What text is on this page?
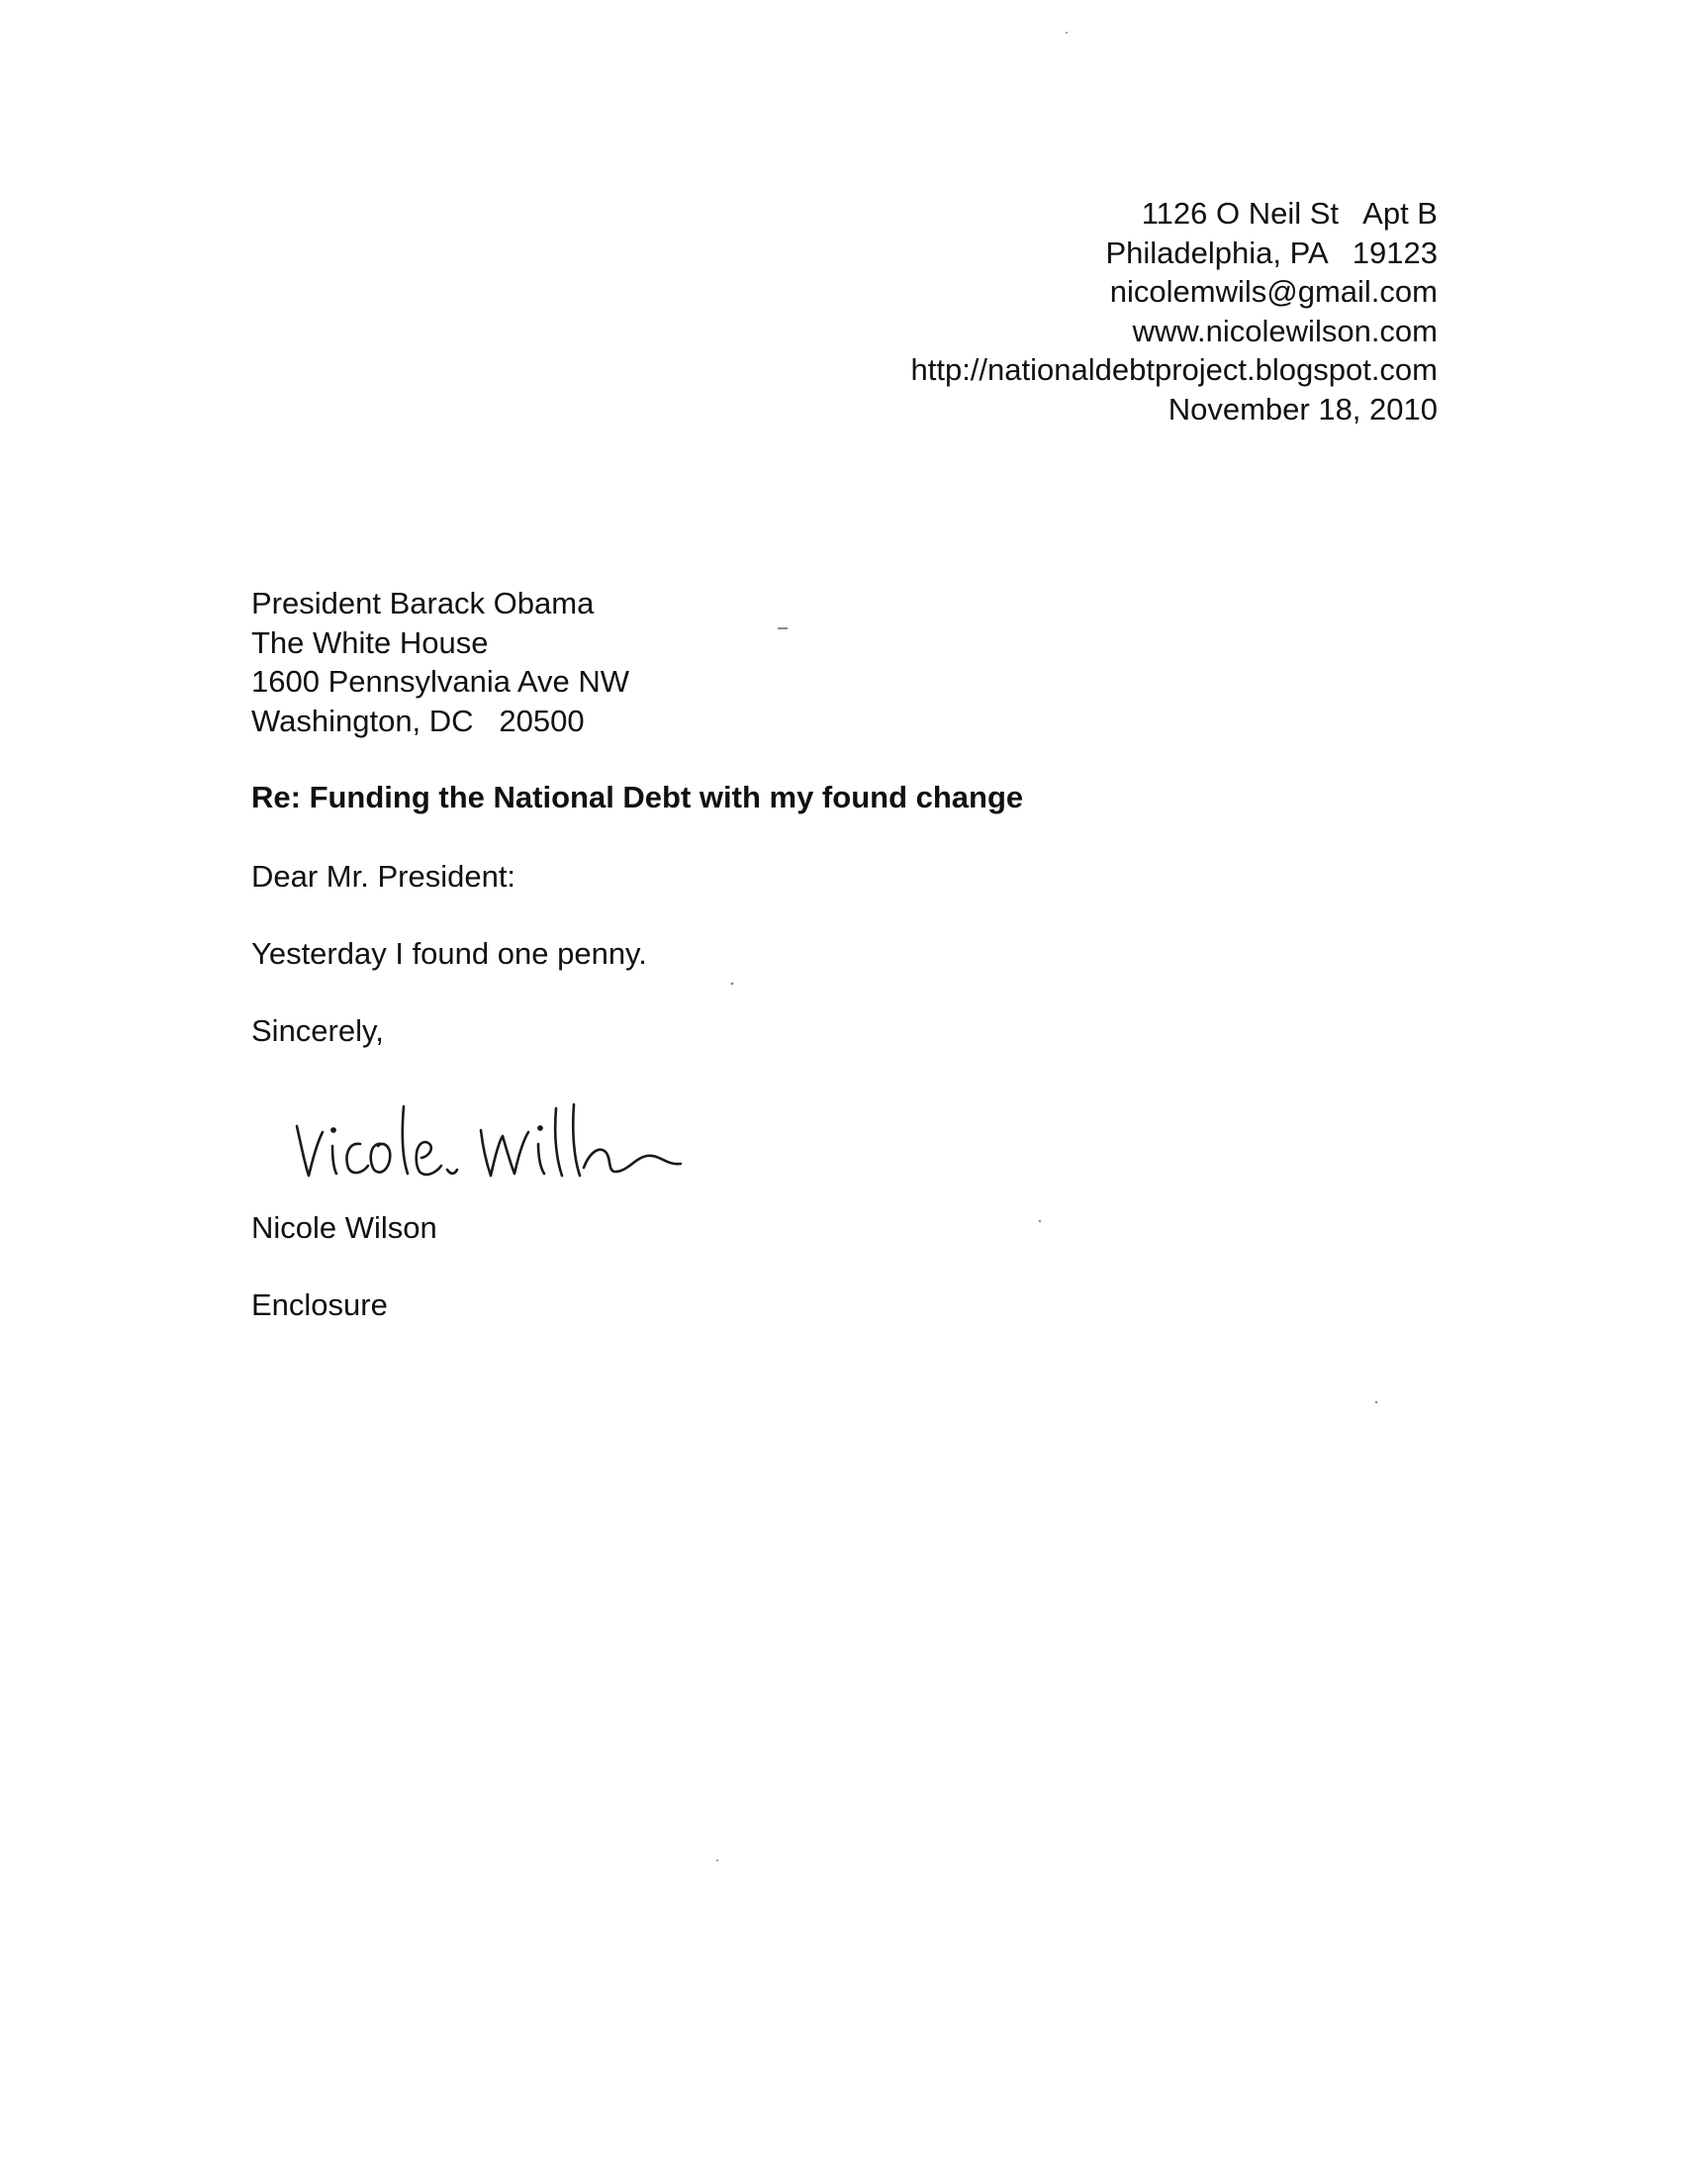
1126 O Neil St   Apt B
Philadelphia, PA   19123
nicolemwils@gmail.com
www.nicolewilson.com
http://nationaldebtproject.blogspot.com
November 18, 2010
President Barack Obama
The White House
1600 Pennsylvania Ave NW
Washington, DC   20500
Re: Funding the National Debt with my found change
Dear Mr. President:
Yesterday I found one penny.
Sincerely,
Nicole Wilson
Enclosure
